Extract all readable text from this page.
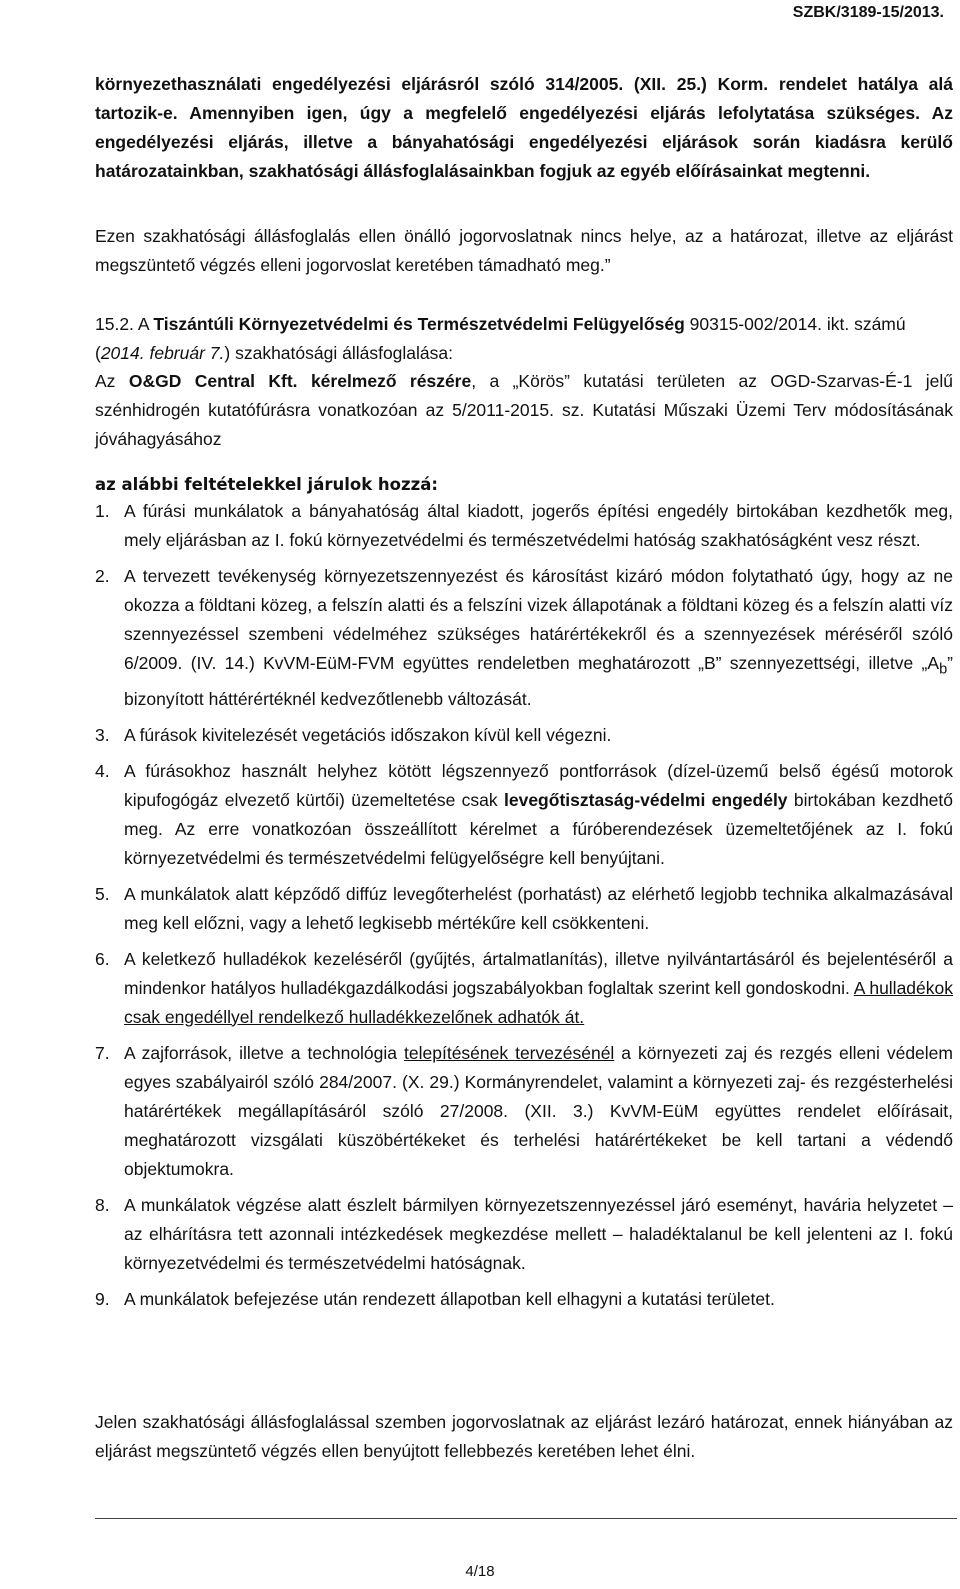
SZBK/3189-15/2013.
környezethasználati engedélyezési eljárásról szóló 314/2005. (XII. 25.) Korm. rendelet hatálya alá tartozik-e. Amennyiben igen, úgy a megfelelő engedélyezési eljárás lefolytatása szükséges. Az engedélyezési eljárás, illetve a bányahatósági engedélyezési eljárások során kiadásra kerülő határozatainkban, szakhatósági állásfoglalásainkban fogjuk az egyéb előírásainkat megtenni.
Ezen szakhatósági állásfoglalás ellen önálló jogorvoslatnak nincs helye, az a határozat, illetve az eljárást megszüntető végzés elleni jogorvoslat keretében támadható meg.”
15.2. A Tiszántúli Környezetvédelmi és Természetvédelmi Felügyelőség 90315-002/2014. ikt. számú (2014. február 7.) szakhatósági állásfoglalása:
Az O&GD Central Kft. kérelmező részére, a „Körös” kutatási területen az OGD-Szarvas-É-1 jelű szénhidrogén kutatófúrásra vonatkozóan az 5/2011-2015. sz. Kutatási Műszaki Üzemi Terv módosításának jóváhagyásához
az alábbi feltételekkel járulok hozzá:
1. A fúrási munkálatok a bányahatóság által kiadott, jogerős építési engedély birtokában kezdhetők meg, mely eljárásban az I. fokú környezetvédelmi és természetvédelmi hatóság szakhatóságként vesz részt.
2. A tervezett tevékenység környezetszennyezést és károsítást kizáró módon folytatható úgy, hogy az ne okozza a földtani közeg, a felszín alatti és a felszíni vizek állapotának a földtani közeg és a felszín alatti víz szennyezéssel szembeni védelméhez szükséges határértékekről és a szennyezések méréséről szóló 6/2009. (IV. 14.) KvVM-EüM-FVM együttes rendeletben meghatározott „B” szennyezettségi, illetve $„A_b$” bizonyított háttérértéknél kedvezőtlenebb változását.
3. A fúrások kivitelezését vegetációs időszakon kívül kell végezni.
4. A fúrásokhoz használt helyhez kötött légszennyező pontforrások (dízel-üzemű belső égésű motorok kipufogógáz elvezető kürtői) üzemeltetése csak levegőtisztaság-védelmi engedély birtokában kezdhető meg. Az erre vonatkozóan összeállított kérelmet a fúróberendezések üzemeltetőjének az I. fokú környezetvédelmi és természetvédelmi felügyelőségre kell benyújtani.
5. A munkálatok alatt képződő diffúz levegőterhelést (porhatást) az elérhető legjobb technika alkalmazásával meg kell előzni, vagy a lehető legkisebb mértékűre kell csökkenteni.
6. A keletkező hulladékok kezeléséről (gyűjtés, ártalmatlanítás), illetve nyilvántartásáról és bejelentéséről a mindenkor hatályos hulladékgazdálkodási jogszabályokban foglaltak szerint kell gondoskodni. A hulladékok csak engedéllyel rendelkező hulladékkezelőnek adhatók át.
7. A zajforrások, illetve a technológia telepítésének tervezésénél a környezeti zaj és rezgés elleni védelem egyes szabályairól szóló 284/2007. (X. 29.) Kormányrendelet, valamint a környezeti zaj- és rezgésterhelési határértékek megállapításáról szóló 27/2008. (XII. 3.) KvVM-EüM együttes rendelet előírásait, meghatározott vizsgálati küszöbértékeket és terhelési határértékeket be kell tartani a védendő objektumokra.
8. A munkálatok végzése alatt észlelt bármilyen környezetszennyezéssel járó eseményt, havária helyzetet – az elhárításra tett azonnali intézkedések megkezdése mellett – haladéktalanul be kell jelenteni az I. fokú környezetvédelmi és természetvédelmi hatóságnak.
9. A munkálatok befejezése után rendezett állapotban kell elhagyni a kutatási területet.
Jelen szakhatósági állásfoglalással szemben jogorvoslatnak az eljárást lezáró határozat, ennek hiányában az eljárást megszüntető végzés ellen benyújtott fellebbezés keretében lehet élni.
4/18
